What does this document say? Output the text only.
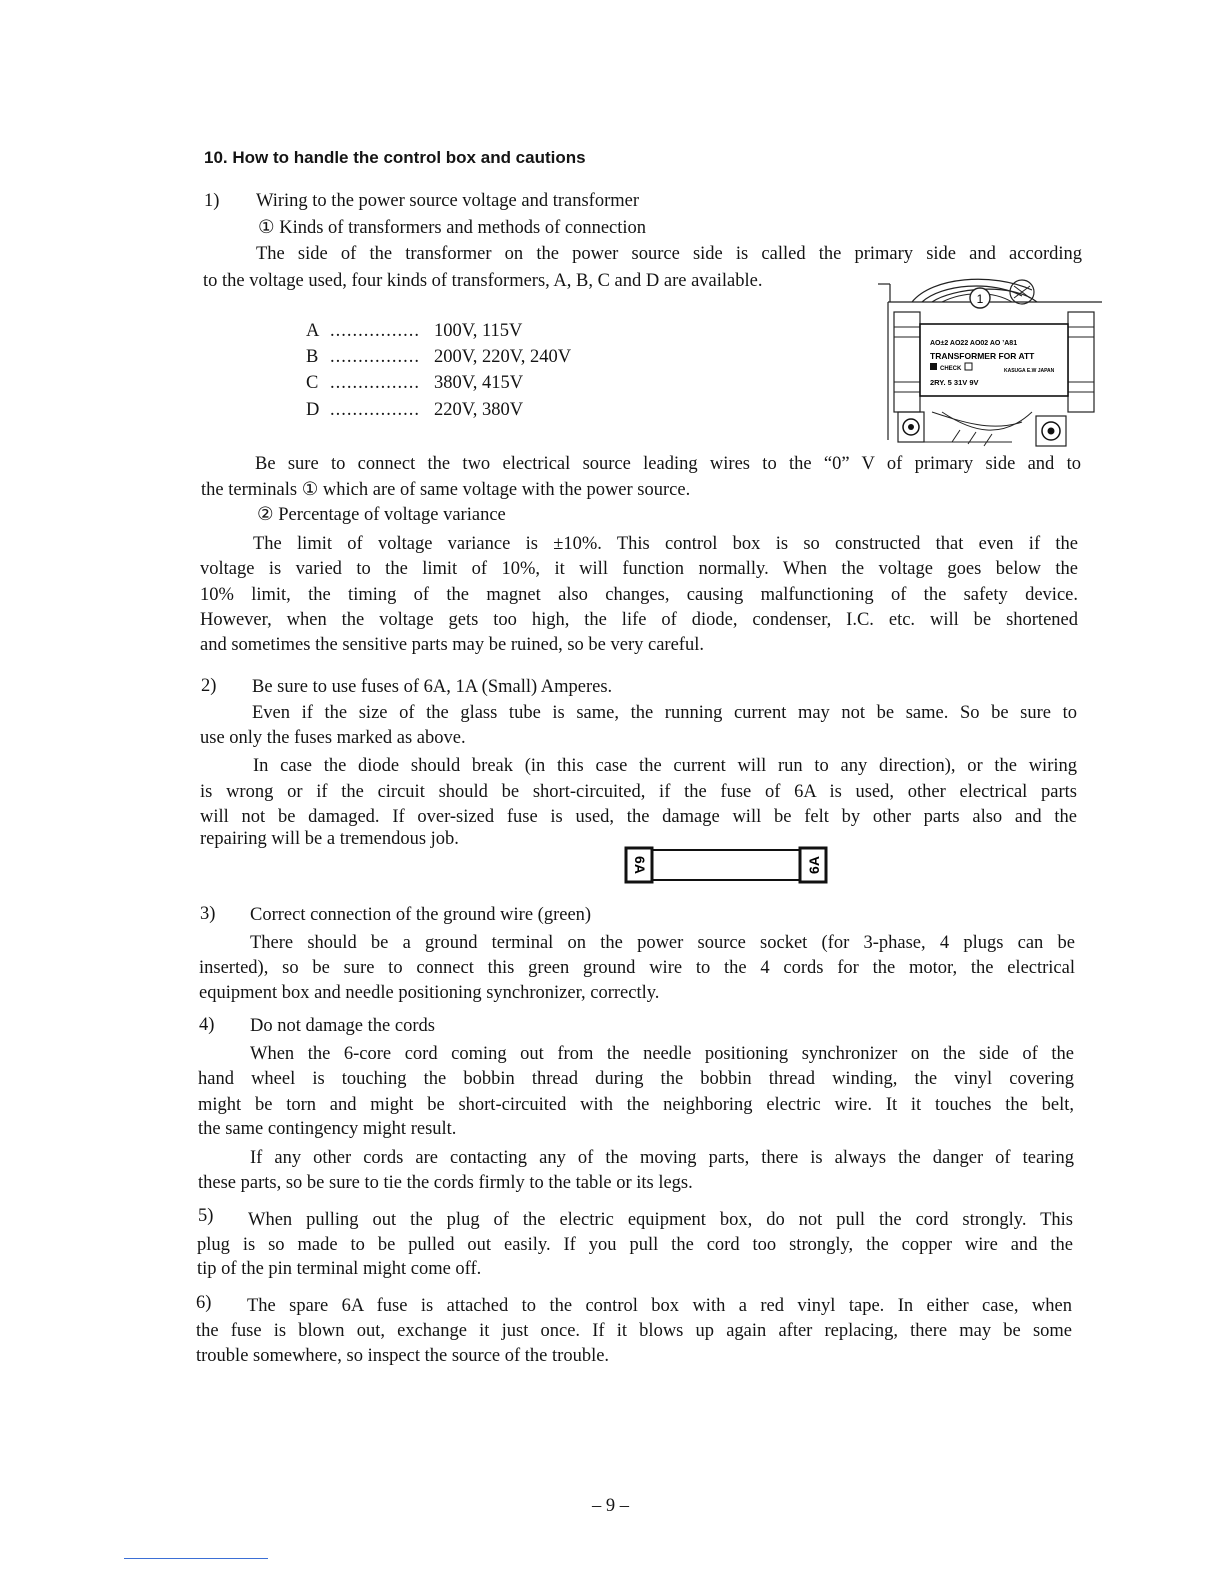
10. How to handle the control box and cautions
1) Wiring to the power source voltage and transformer
① Kinds of transformers and methods of connection
The side of the transformer on the power source side is called the primary side and according
to the voltage used, four kinds of transformers, A, B, C and D are available.
A ................ 100V, 115V
B ................ 200V, 220V, 240V
C ................ 380V, 415V
D ................ 220V, 380V
1
AO±2 AO22 AO02 AO ’A81
TRANSFORMER FOR ATT
CHECK	KASUGA E.W JAPAN
2RY. 5 31V 9V
Be sure to connect the two electrical source leading wires to the “0” V of primary side and to
the terminals ① which are of same voltage with the power source.
② Percentage of voltage variance
The limit of voltage variance is ±10%. This control box is so constructed that even if the
voltage is varied to the limit of 10%, it will function normally. When the voltage goes below the
10% limit, the timing of the magnet also changes, causing malfunctioning of the safety device.
However, when the voltage gets too high, the life of diode, condenser, I.C. etc. will be shortened
and sometimes the sensitive parts may be ruined, so be very careful.
2) Be sure to use fuses of 6A, 1A (Small) Amperes.
Even if the size of the glass tube is same, the running current may not be same. So be sure to
use only the fuses marked as above.
In case the diode should break (in this case the current will run to any direction), or the wiring
is wrong or if the circuit should be short-circuited, if the fuse of 6A is used, other electrical parts
will not be damaged. If over-sized fuse is used, the damage will be felt by other parts also and the
repairing will be a tremendous job.
6A	6A
3) Correct connection of the ground wire (green)
There should be a ground terminal on the power source socket (for 3-phase, 4 plugs can be
inserted), so be sure to connect this green ground wire to the 4 cords for the motor, the electrical
equipment box and needle positioning synchronizer, correctly.
4) Do not damage the cords
When the 6-core cord coming out from the needle positioning synchronizer on the side of the
hand wheel is touching the bobbin thread during the bobbin thread winding, the vinyl covering
might be torn and might be short-circuited with the neighboring electric wire. It it touches the belt,
the same contingency might result.
If any other cords are contacting any of the moving parts, there is always the danger of tearing
these parts, so be sure to tie the cords firmly to the table or its legs.
5) When pulling out the plug of the electric equipment box, do not pull the cord strongly. This
plug is so made to be pulled out easily. If you pull the cord too strongly, the copper wire and the
tip of the pin terminal might come off.
6) The spare 6A fuse is attached to the control box with a red vinyl tape. In either case, when
the fuse is blown out, exchange it just once. If it blows up again after replacing, there may be some
trouble somewhere, so inspect the source of the trouble.
– 9 –
